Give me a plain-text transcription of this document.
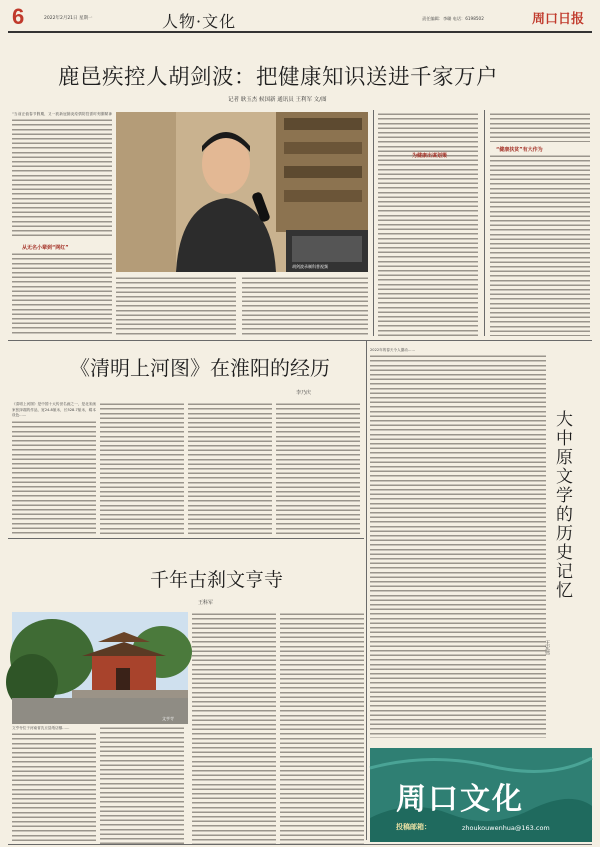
6	2022年2月21日 星期一	人物·文化	责任编辑：李璐 电话：6198502	周口日报
鹿邑疾控人胡剑波：把健康知识送进千家万户
记者 耿玉杰 候国新 通讯员 王利军 文/图
“当前正值春节假期，又一波新冠肺炎疫情防控需时刻绷紧神
胡剑波录制科普视频
从无名小辈到“网红”
为健康出谋划策
“健康扶贫”有大作为
《清明上河图》在淮阳的经历
李乃庆
《清明上河图》是中国十大传世名画之一，是北宋画家张择端的作品，宽24.8厘米，长528.7厘米，绢本设色……
千年古刹文亨寺
王科军
文亨寺
文亨寺位于河南省沈丘县纸店镇……
2022年的春天令人激动……
大中原文学的历史记忆
王宏伟
周口文化
投稿邮箱：	zhoukouwenhua@163.com
